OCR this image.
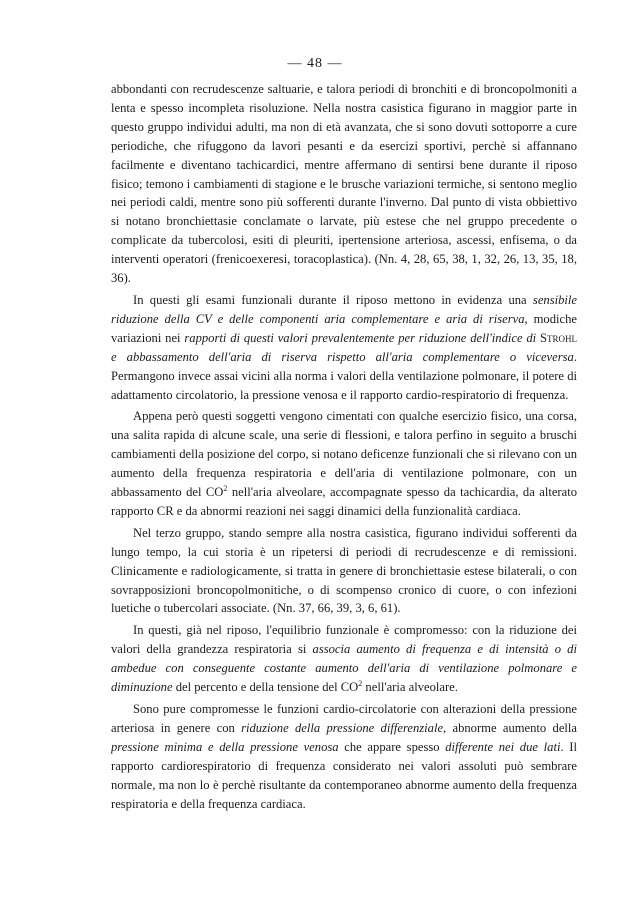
— 48 —

abbondanti con recrudescenze saltuarie, e talora periodi di bronchiti e di broncopolmoniti a lenta e spesso incompleta risoluzione. Nella nostra casistica figurano in maggior parte in questo gruppo individui adulti, ma non di età avanzata, che si sono dovuti sottoporre a cure periodiche, che rifuggono da lavori pesanti e da esercizi sportivi, perchè si affannano facilmente e diventano tachicardici, mentre affermano di sentirsi bene durante il riposo fisico; temono i cambiamenti di stagione e le brusche variazioni termiche, si sentono meglio nei periodi caldi, mentre sono più sofferenti durante l'inverno. Dal punto di vista obbiettivo si notano bronchiettasie conclamate o larvate, più estese che nel gruppo precedente o complicate da tubercolosi, esiti di pleuriti, ipertensione arteriosa, ascessi, enfisema, o da interventi operatori (frenicoexeresi, toracoplastica). (Nn. 4, 28, 65, 38, 1, 32, 26, 13, 35, 18, 36).

In questi gli esami funzionali durante il riposo mettono in evidenza una sensibile riduzione della CV e delle componenti aria complementare e aria di riserva, modiche variazioni nei rapporti di questi valori prevalentemente per riduzione dell'indice di Strohl e abbassamento dell'aria di riserva rispetto all'aria complementare o viceversa. Permangono invece assai vicini alla norma i valori della ventilazione polmonare, il potere di adattamento circolatorio, la pressione venosa e il rapporto cardio-respiratorio di frequenza.

Appena però questi soggetti vengono cimentati con qualche esercizio fisico, una corsa, una salita rapida di alcune scale, una serie di flessioni, e talora perfino in seguito a bruschi cambiamenti della posizione del corpo, si notano deficenze funzionali che si rilevano con un aumento della frequenza respiratoria e dell'aria di ventilazione polmonare, con un abbassamento del $CO^2$ nell'aria alveolare, accompagnate spesso da tachicardia, da alterato rapporto CR e da abnormi reazioni nei saggi dinamici della funzionalità cardiaca.

Nel terzo gruppo, stando sempre alla nostra casistica, figurano individui sofferenti da lungo tempo, la cui storia è un ripetersi di periodi di recrudescenze e di remissioni. Clinicamente e radiologicamente, si tratta in genere di bronchiettasie estese bilaterali, o con sovrapposizioni broncopolmonitiche, o di scompenso cronico di cuore, o con infezioni luetiche o tubercolari associate. (Nn. 37, 66, 39, 3, 6, 61).

In questi, già nel riposo, l'equilibrio funzionale è compromesso: con la riduzione dei valori della grandezza respiratoria si associa aumento di frequenza e di intensità o di ambedue con conseguente costante aumento dell'aria di ventilazione polmonare e diminuzione del percento e della tensione del $CO^2$ nell'aria alveolare.

Sono pure compromesse le funzioni cardio-circolatorie con alterazioni della pressione arteriosa in genere con riduzione della pressione differenziale, abnorme aumento della pressione minima e della pressione venosa che appare spesso differente nei due lati. Il rapporto cardiorespiratorio di frequenza considerato nei valori assoluti può sembrare normale, ma non lo è perchè risultante da contemporaneo abnorme aumento della frequenza respiratoria e della frequenza cardiaca.
